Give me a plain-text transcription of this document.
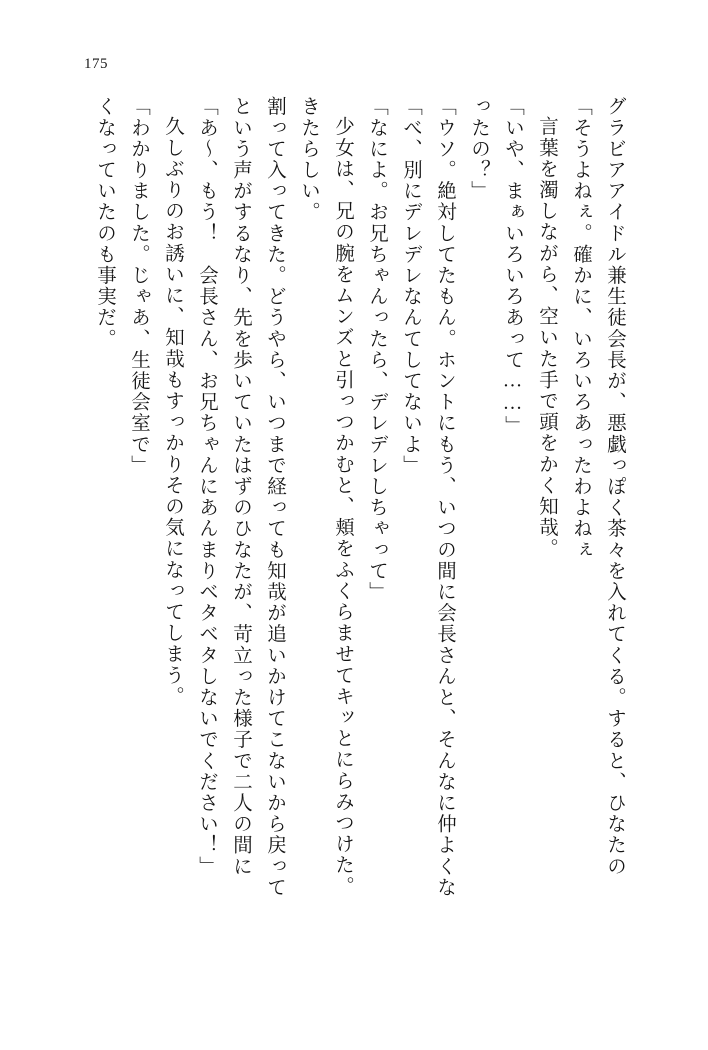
175
くなっていたのも事実だ。 「わかりました。じゃあ、生徒会室で」 久しぶりのお誘いに、知哉もすっかりその気になってしまう。 「あ〜、もう！　会長さん、お兄ちゃんにあんまりベタベタしないでください！」 という声がするなり、先を歩いていたはずのひなたが、苛立った様子で二人の間に 割って入ってきた。どうやら、いつまで経っても知哉が追いかけてこないから戻って きたらしい。 少女は、兄の腕をムンズと引っつかむと、頬をふくらませてキッとにらみつけた。 「なによ。お兄ちゃんったら、デレデレしちゃって」 「べ、別にデレデレなんてしてないよ」 「ウソ。絶対してたもん。ホントにもう、いつの間に会長さんと、そんなに仲よくな ったの？」 「いや、まぁいろいろあって……」 言葉を濁しながら、空いた手で頭をかく知哉。 「そうよねぇ。確かに、いろいろあったわよねぇ グラビアアイドル兼生徒会長が、悪戯っぽく茶々を入れてくる。すると、ひなたの
